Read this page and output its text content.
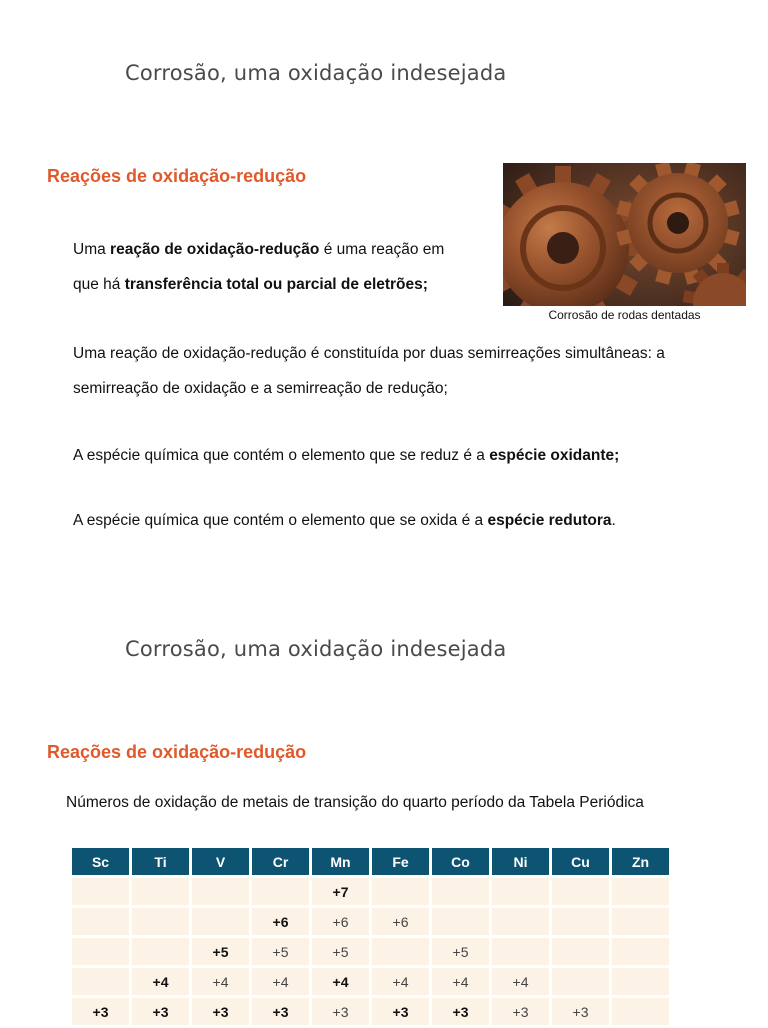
Corrosão, uma oxidação indesejada
Reações de oxidação-redução

Uma reação de oxidação-redução é uma reação em
que há transferência total ou parcial de eletrões;

Corrosão de rodas dentadas

Uma reação de oxidação-redução é constituída por duas semirreações simultâneas: a
semirreação de oxidação e a semirreação de redução;

A espécie química que contém o elemento que se reduz é a espécie oxidante;

A espécie química que contém o elemento que se oxida é a espécie redutora.

Corrosão, uma oxidação indesejada
Reações de oxidação-redução
Números de oxidação de metais de transição do quarto período da Tabela Periódica
Sc	Ti	V	Cr	Mn	Fe	Co	Ni	Cu	Zn
				+7					
			+6	+6	+6				
		+5	+5	+5		+5			
	+4	+4	+4	+4	+4	+4	+4		
+3	+3	+3	+3	+3	+3	+3	+3	+3	
